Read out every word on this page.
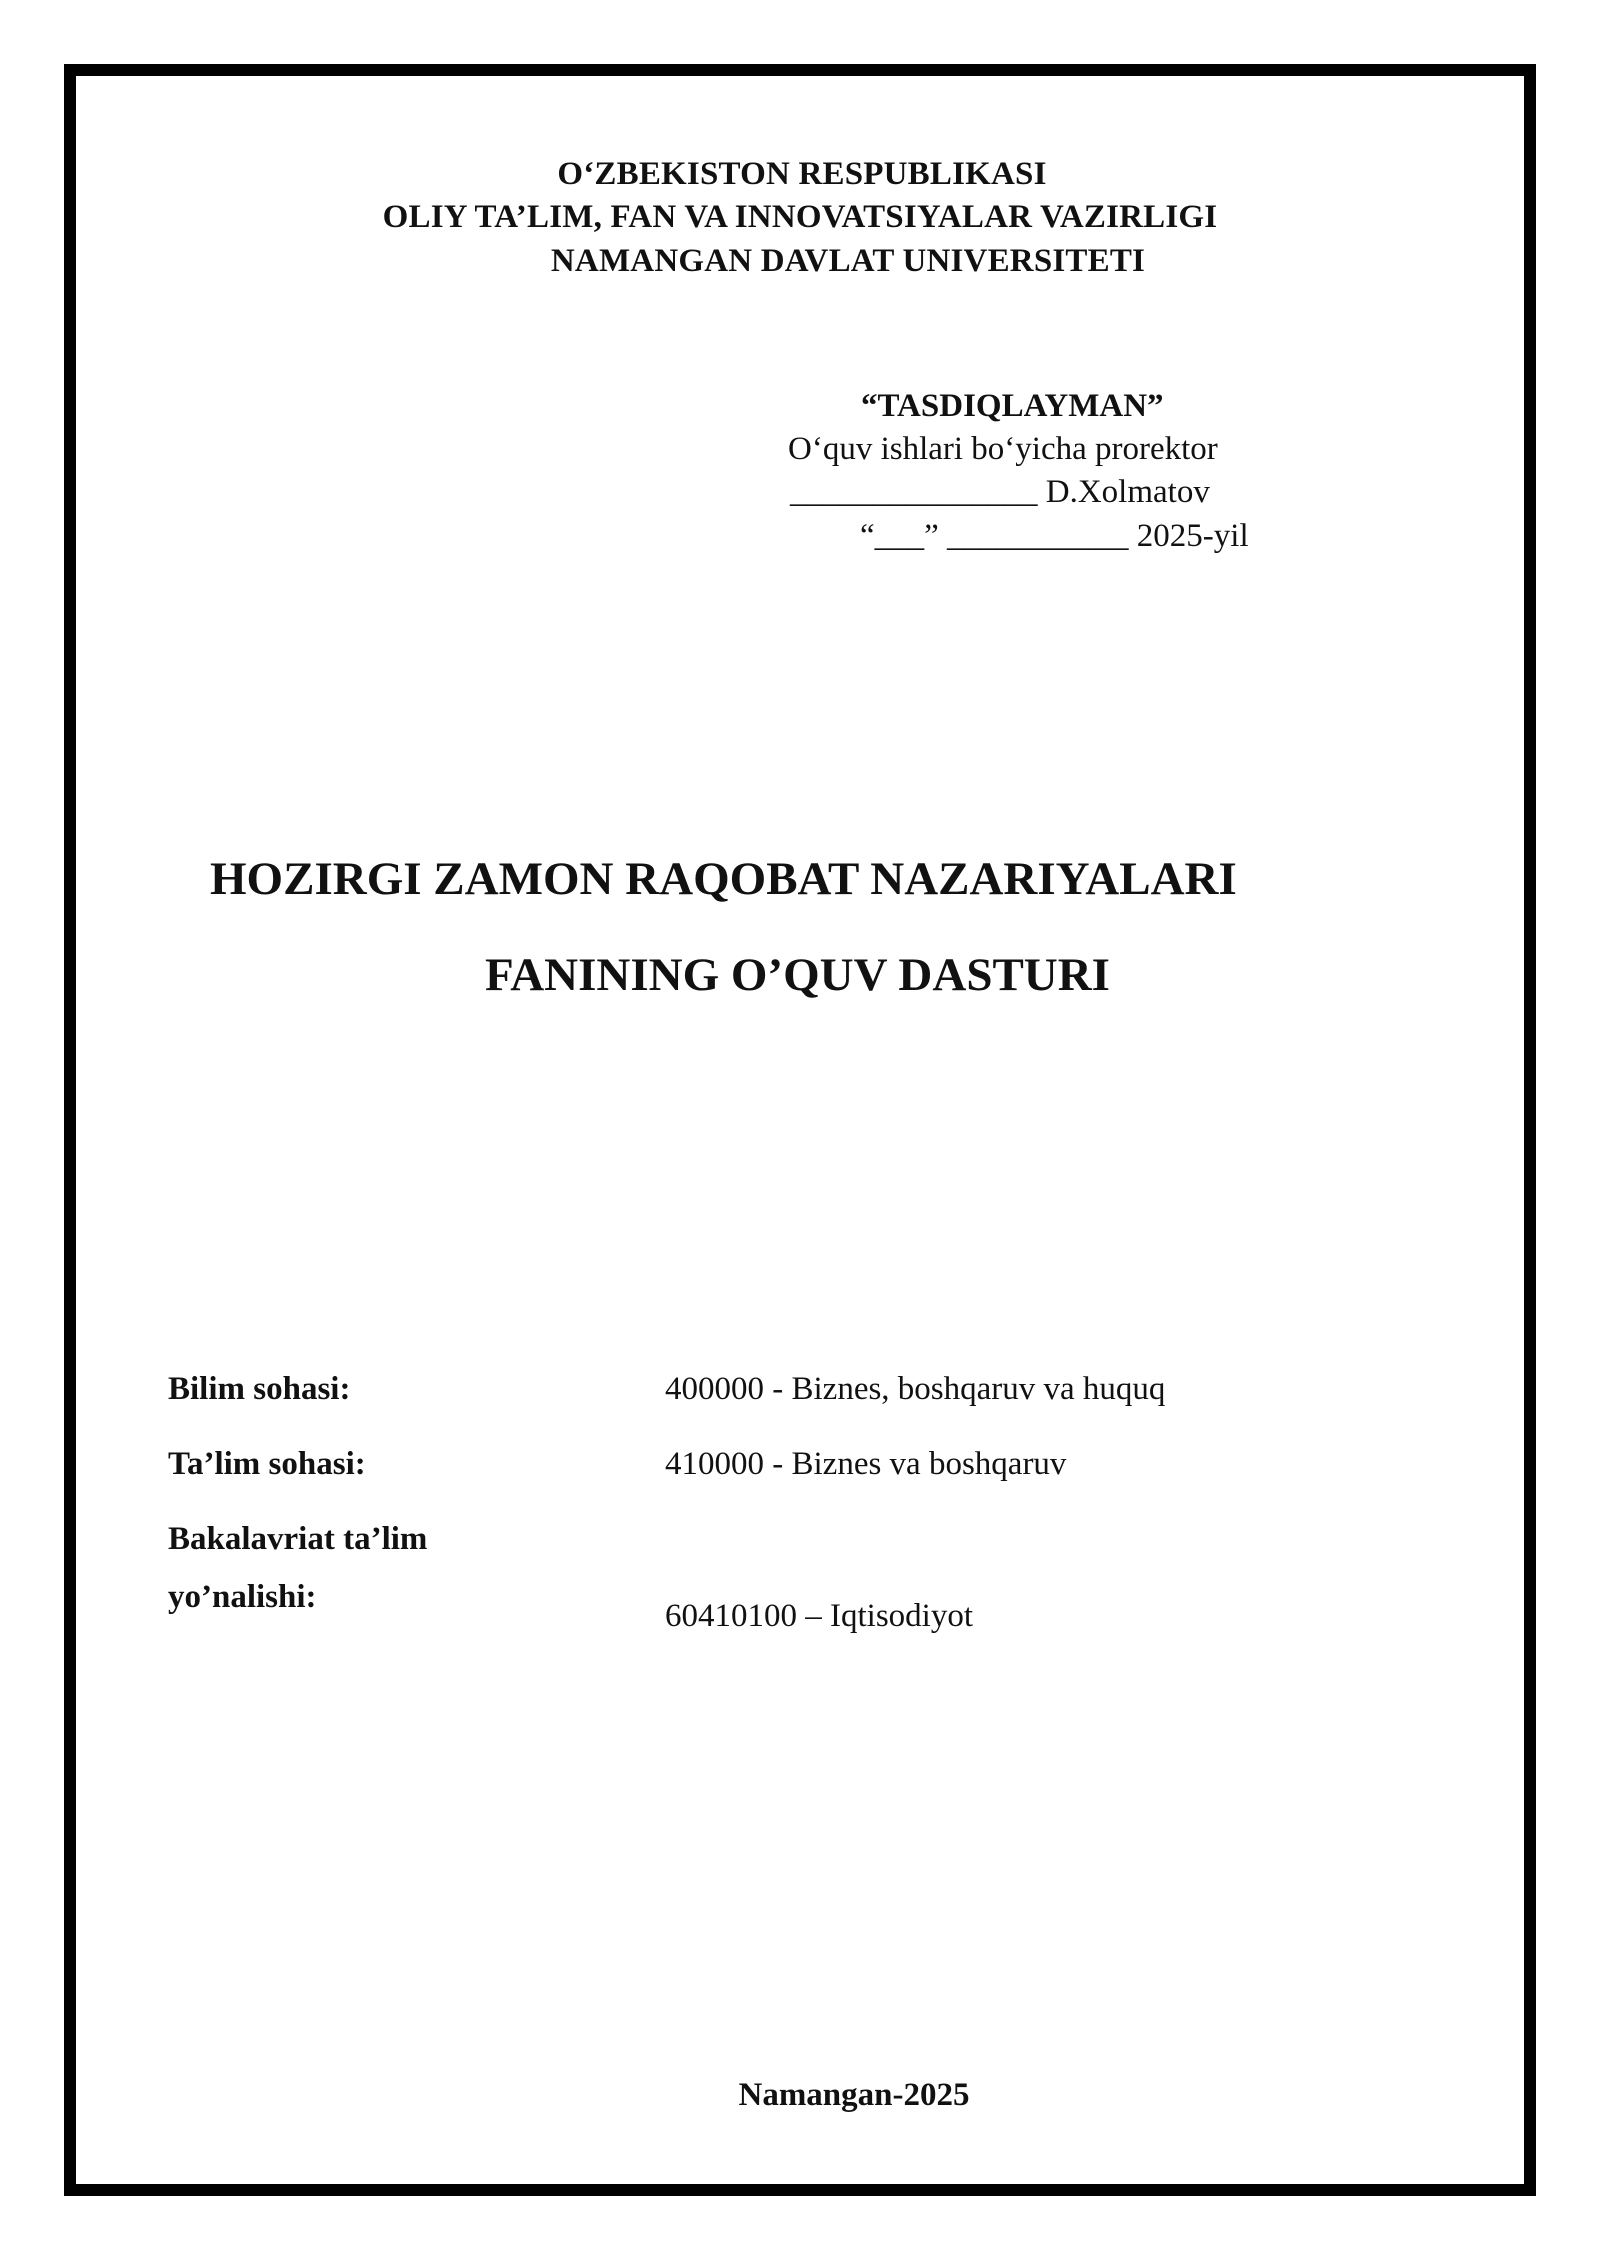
O‘ZBEKISTON RESPUBLIKASI
OLIY TA’LIM, FAN VA INNOVATSIYALAR VAZIRLIGI
NAMANGAN DAVLAT UNIVERSITETI
“TASDIQLAYMAN”
O‘quv ishlari bo‘yicha prorektor
_______________ D.Xolmatov
“___” ___________ 2025-yil
HOZIRGI ZAMON RAQOBAT NAZARIYALARI
FANINING O’QUV DASTURI
Bilim sohasi:	400000 - Biznes, boshqaruv va huquq
Ta’lim sohasi:	410000 - Biznes va boshqaruv
Bakalavriat ta’lim
yo’nalishi:
60410100 – Iqtisodiyot
Namangan-2025
